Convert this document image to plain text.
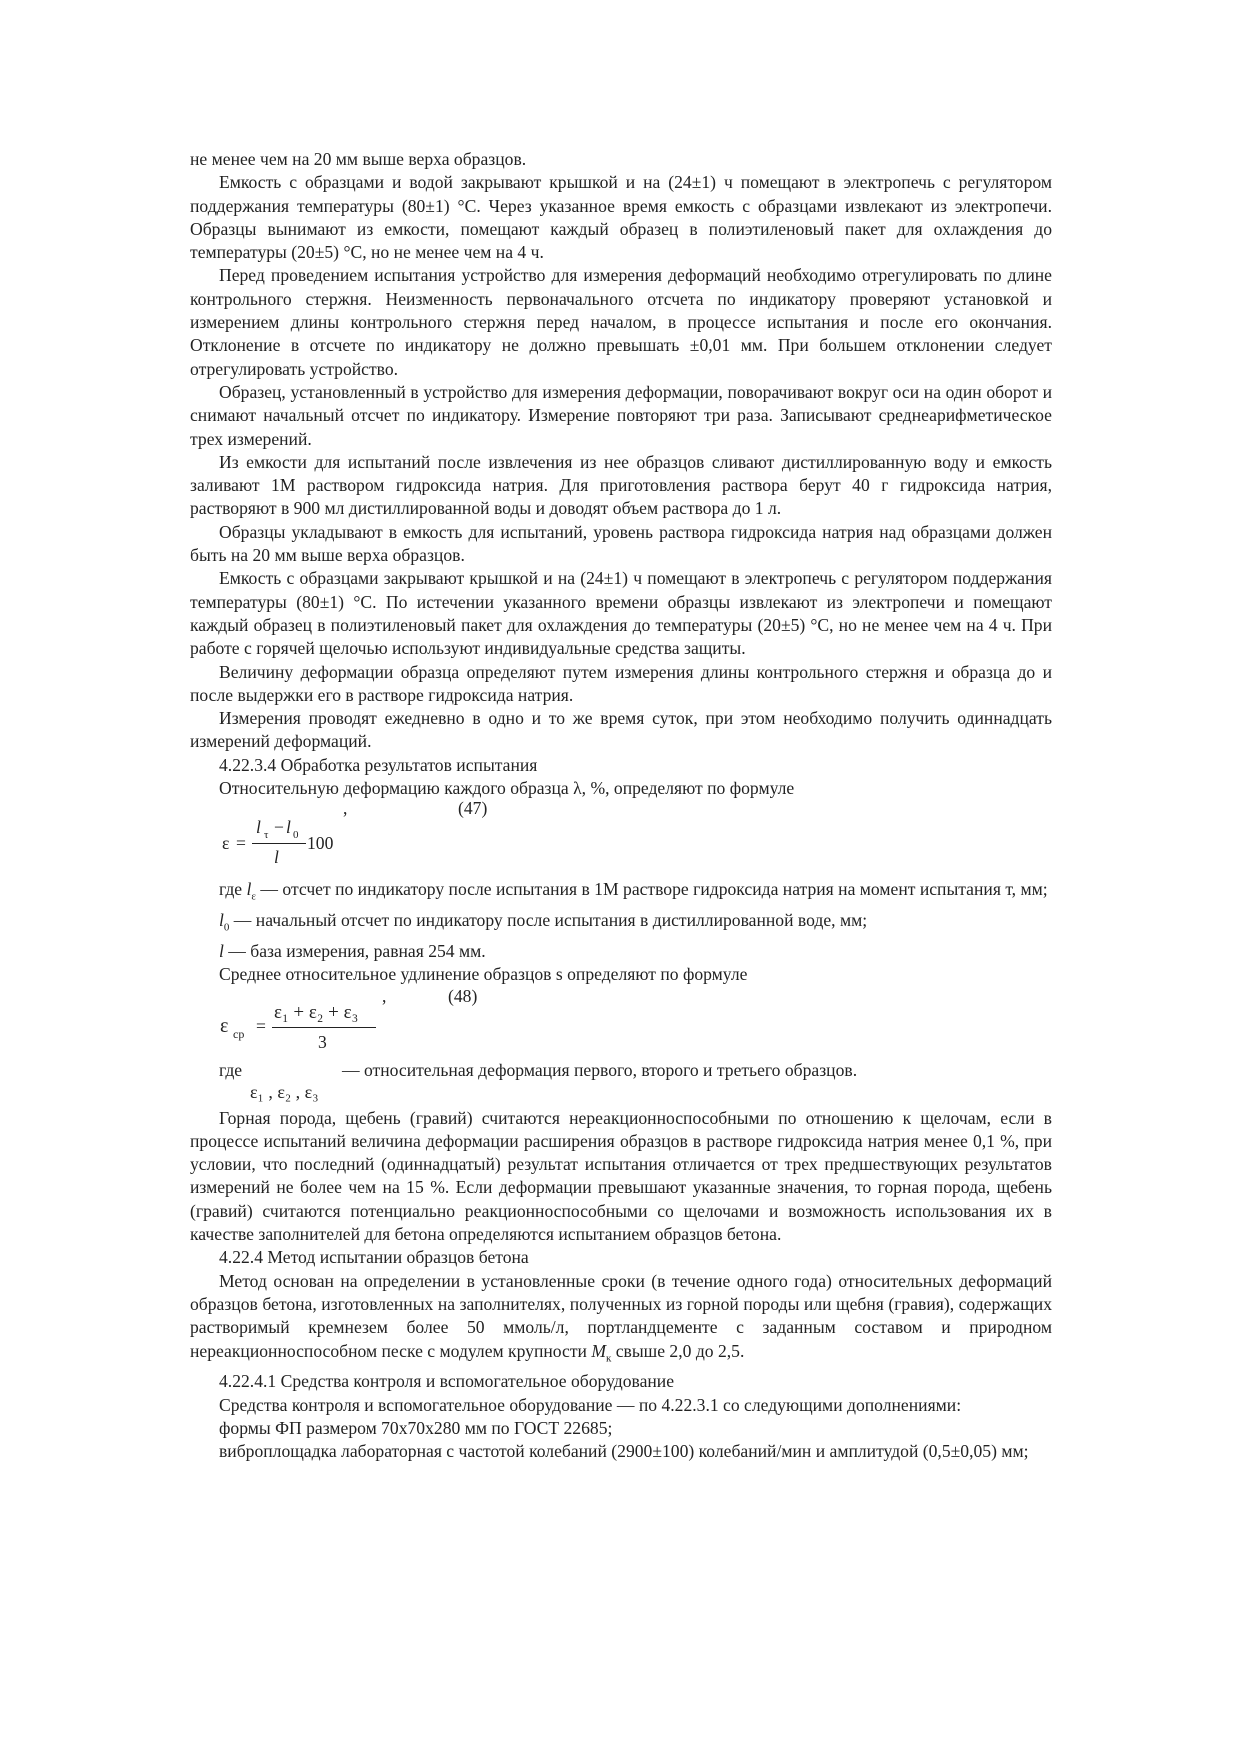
не менее чем на 20 мм выше верха образцов.

Емкость с образцами и водой закрывают крышкой и на (24±1) ч помещают в электропечь с регулятором поддержания температуры (80±1) °С. Через указанное время емкость с образцами извлекают из электропечи. Образцы вынимают из емкости, помещают каждый образец в полиэтиленовый пакет для охлаждения до температуры (20±5) °С, но не менее чем на 4 ч.

Перед проведением испытания устройство для измерения деформаций необходимо отрегулировать по длине контрольного стержня. Неизменность первоначального отсчета по индикатору проверяют установкой и измерением длины контрольного стержня перед началом, в процессе испытания и после его окончания. Отклонение в отсчете по индикатору не должно превышать ±0,01 мм. При большем отклонении следует отрегулировать устройство.

Образец, установленный в устройство для измерения деформации, поворачивают вокруг оси на один оборот и снимают начальный отсчет по индикатору. Измерение повторяют три раза. Записывают среднеарифметическое трех измерений.

Из емкости для испытаний после извлечения из нее образцов сливают дистиллированную воду и емкость заливают 1М раствором гидроксида натрия. Для приготовления раствора берут 40 г гидроксида натрия, растворяют в 900 мл дистиллированной воды и доводят объем раствора до 1 л.

Образцы укладывают в емкость для испытаний, уровень раствора гидроксида натрия над образцами должен быть на 20 мм выше верха образцов.

Емкость с образцами закрывают крышкой и на (24±1) ч помещают в электропечь с регулятором поддержания температуры (80±1) °С. По истечении указанного времени образцы извлекают из электропечи и помещают каждый образец в полиэтиленовый пакет для охлаждения до температуры (20±5) °С, но не менее чем на 4 ч. При работе с горячей щелочью используют индивидуальные средства защиты.

Величину деформации образца определяют путем измерения длины контрольного стержня и образца до и после выдержки его в растворе гидроксида натрия.

Измерения проводят ежедневно в одно и то же время суток, при этом необходимо получить одиннадцать измерений деформаций.

4.22.3.4 Обработка результатов испытания

Относительную деформацию каждого образца λ, %, определяют по формуле

,	(47)
ε =
l τ − l 0
l
100

где $l_\varepsilon$ — отсчет по индикатору после испытания в 1М растворе гидроксида натрия на момент испытания т, мм;

$l_0$ — начальный отсчет по индикатору после испытания в дистиллированной воде, мм;

l — база измерения, равная 254 мм.

Среднее относительное удлинение образцов s определяют по формуле

,	(48)
ε ср =
ε₁ + ε₂ + ε₃
3
где	— относительная деформация первого, второго и третьего образцов.
ε₁ , ε₂ , ε₃

Горная порода, щебень (гравий) считаются нереакционноспособными по отношению к щелочам, если в процессе испытаний величина деформации расширения образцов в растворе гидроксида натрия менее 0,1 %, при условии, что последний (одиннадцатый) результат испытания отличается от трех предшествующих результатов измерений не более чем на 15 %. Если деформации превышают указанные значения, то горная порода, щебень (гравий) считаются потенциально реакционноспособными со щелочами и возможность использования их в качестве заполнителей для бетона определяются испытанием образцов бетона.

4.22.4 Метод испытании образцов бетона

Метод основан на определении в установленные сроки (в течение одного года) относительных деформаций образцов бетона, изготовленных на заполнителях, полученных из горной породы или щебня (гравия), содержащих растворимый кремнезем более 50 ммоль/л, портландцементе с заданным составом и природном нереакционноспособном песке с модулем крупности $М_к$ свыше 2,0 до 2,5.

4.22.4.1 Средства контроля и вспомогательное оборудование

Средства контроля и вспомогательное оборудование — по 4.22.3.1 со следующими дополнениями:

формы ФП размером 70х70х280 мм по ГОСТ 22685;

виброплощадка лабораторная с частотой колебаний (2900±100) колебаний/мин и амплитудой (0,5±0,05) мм;
